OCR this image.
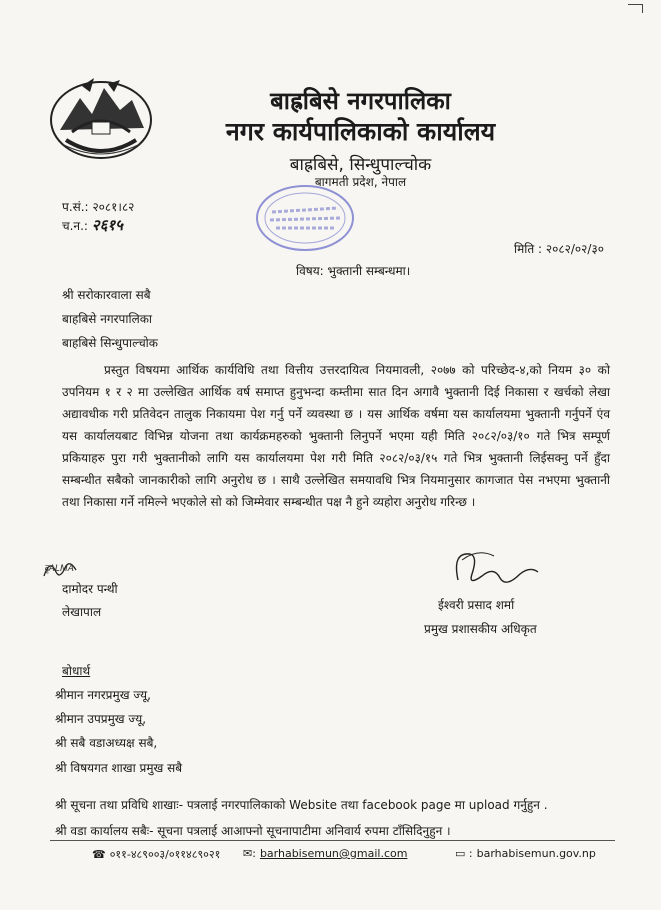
बाह्रबिसे नगरपालिका
नगर कार्यपालिकाको कार्यालय
बाह्रबिसे, सिन्धुपाल्चोक
बागमती प्रदेश, नेपाल
प.सं.: २०८१।८२
च.न.: २६१५
मिति : २०८२/०२/३०
विषय: भुक्तानी सम्बन्धमा।
श्री सरोकारवाला सबै
बाहबिसे नगरपालिका
बाहबिसे सिन्धुपाल्चोक
प्रस्तुत विषयमा आर्थिक कार्यविधि तथा वित्तीय उत्तरदायित्व नियमावली, २०७७ को परिच्छेद-४,को नियम ३० को उपनियम १ र २ मा उल्लेखित आर्थिक वर्ष समाप्त हुनुभन्दा कम्तीमा सात दिन अगावै भुक्तानी दिई निकासा र खर्चको लेखा अद्यावधीक गरी प्रतिवेदन तालुक निकायमा पेश गर्नु पर्ने व्यवस्था छ । यस आर्थिक वर्षमा यस कार्यालयमा भुक्तानी गर्नुपर्ने एंव यस कार्यालयबाट विभिन्न योजना तथा कार्यक्रमहरुको भुक्तानी लिनुपर्ने भएमा यही मिति २०८२/०३/१० गते भित्र सम्पूर्ण प्रकियाहरु पुरा गरी भुक्तानीको लागि यस कार्यालयमा पेश गरी मिति २०८२/०३/१५ गते भित्र भुक्तानी लिईसक्नु पर्ने हुँदा सम्बन्धीत सबैको जानकारीको लागि अनुरोध छ । साथै उल्लेखित समयावधि भित्र नियमानुसार कागजात पेस नभएमा भुक्तानी तथा निकासा गर्ने नमिल्ने भएकोले सो को जिम्मेवार सम्बन्धीत पक्ष नै हुने व्यहोरा अनुरोध गरिन्छ ।
दृALMA
दामोदर पन्थी
लेखापाल	ईश्वरी प्रसाद शर्मा
प्रमुख प्रशासकीय अधिकृत
बोधार्थ
श्रीमान नगरप्रमुख ज्यू,
श्रीमान उपप्रमुख ज्यू,
श्री सबै वडाअध्यक्ष सबै,
श्री विषयगत शाखा प्रमुख सबै
श्री सूचना तथा प्रविधि शाखाः- पत्रलाई नगरपालिकाको Website तथा facebook page मा upload गर्नुहुन .
श्री वडा कार्यालय सबैः- सूचना पत्रलाई आआफ्नो सूचनापाटीमा अनिवार्य रुपमा टाँसिदिनुहुन ।
☎ ०११-४८९००३/०११४८९०२१ ✉: barhabisemun@gmail.com	▭ : barhabisemun.gov.np
